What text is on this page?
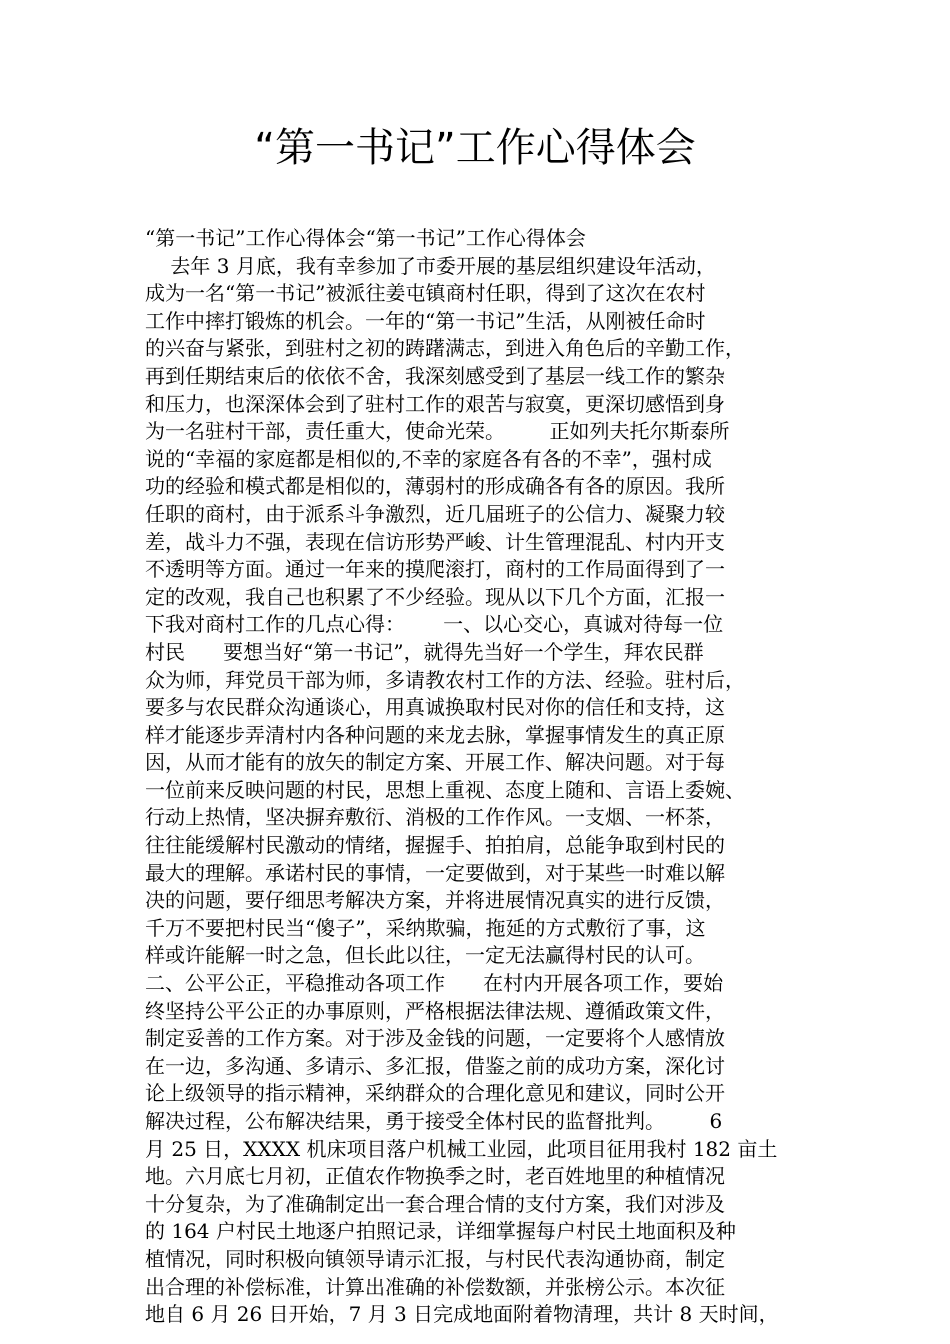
“第一书记”工作心得体会
“第一书记”工作心得体会“第一书记”工作心得体会
去年 3 月底，我有幸参加了市委开展的基层组织建设年活动，
成为一名“第一书记”被派往姜屯镇商村任职，得到了这次在农村
工作中摔打锻炼的机会。一年的“第一书记”生活，从刚被任命时
的兴奋与紧张，到驻村之初的踌躇满志，到进入角色后的辛勤工作，
再到任期结束后的依依不舍，我深刻感受到了基层一线工作的繁杂
和压力，也深深体会到了驻村工作的艰苦与寂寞，更深切感悟到身
为一名驻村干部，责任重大，使命光荣。       正如列夫托尔斯泰所
说的“幸福的家庭都是相似的,不幸的家庭各有各的不幸”，强村成
功的经验和模式都是相似的，薄弱村的形成确各有各的原因。我所
任职的商村，由于派系斗争激烈，近几届班子的公信力、凝聚力较
差，战斗力不强，表现在信访形势严峻、计生管理混乱、村内开支
不透明等方面。通过一年来的摸爬滚打，商村的工作局面得到了一
定的改观，我自己也积累了不少经验。现从以下几个方面，汇报一
下我对商村工作的几点心得：      一、以心交心，真诚对待每一位
村民      要想当好“第一书记”，就得先当好一个学生，拜农民群
众为师，拜党员干部为师，多请教农村工作的方法、经验。驻村后，
要多与农民群众沟通谈心，用真诚换取村民对你的信任和支持，这
样才能逐步弄清村内各种问题的来龙去脉，掌握事情发生的真正原
因，从而才能有的放矢的制定方案、开展工作、解决问题。对于每
一位前来反映问题的村民，思想上重视、态度上随和、言语上委婉、
行动上热情，坚决摒弃敷衍、消极的工作作风。一支烟、一杯茶，
往往能缓解村民激动的情绪，握握手、拍拍肩，总能争取到村民的
最大的理解。承诺村民的事情，一定要做到，对于某些一时难以解
决的问题，要仔细思考解决方案，并将进展情况真实的进行反馈，
千万不要把村民当“傻子”，采纳欺骗，拖延的方式敷衍了事，这
样或许能解一时之急，但长此以往，一定无法赢得村民的认可。
二、公平公正，平稳推动各项工作      在村内开展各项工作，要始
终坚持公平公正的办事原则，严格根据法律法规、遵循政策文件，
制定妥善的工作方案。对于涉及金钱的问题，一定要将个人感情放
在一边，多沟通、多请示、多汇报，借鉴之前的成功方案，深化讨
论上级领导的指示精神，采纳群众的合理化意见和建议，同时公开
解决过程，公布解决结果，勇于接受全体村民的监督批判。       6
月 25 日，XXXX 机床项目落户机械工业园，此项目征用我村 182 亩土
地。六月底七月初，正值农作物换季之时，老百姓地里的种植情况
十分复杂，为了准确制定出一套合理合情的支付方案，我们对涉及
的 164 户村民土地逐户拍照记录，详细掌握每户村民土地面积及种
植情况，同时积极向镇领导请示汇报，与村民代表沟通协商，制定
出合理的补偿标准，计算出准确的补偿数额，并张榜公示。本次征
地自 6 月 26 日开始，7 月 3 日完成地面附着物清理，共计 8 天时间，
